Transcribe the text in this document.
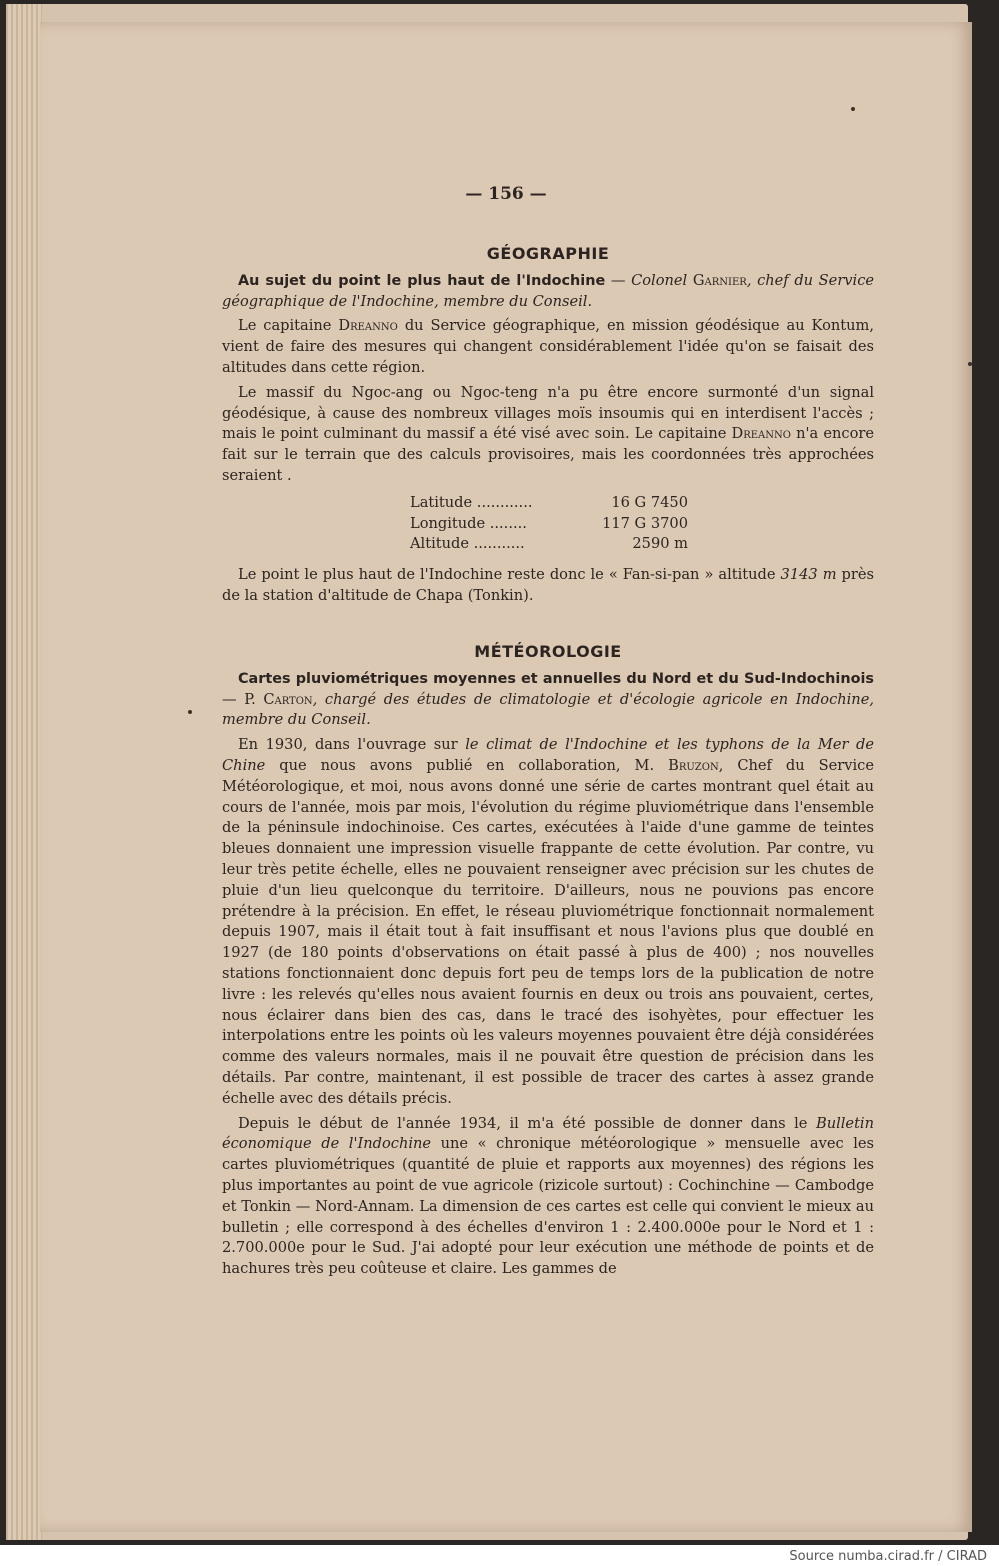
— 156 —
GÉOGRAPHIE

Au sujet du point le plus haut de l'Indochine — Colonel Garnier, chef du Service géographique de l'Indochine, membre du Conseil.

Le capitaine Dreanno du Service géographique, en mission géodésique au Kontum, vient de faire des mesures qui changent considérablement l'idée qu'on se faisait des altitudes dans cette région.

Le massif du Ngoc-ang ou Ngoc-teng n'a pu être encore surmonté d'un signal géodésique, à cause des nombreux villages moïs insoumis qui en interdisent l'accès ; mais le point culminant du massif a été visé avec soin. Le capitaine Dreanno n'a encore fait sur le terrain que des calculs provisoires, mais les coordonnées très approchées seraient .

Latitude ............	16 G 7450
Longitude ........	117 G 3700
Altitude ...........	2590 m

Le point le plus haut de l'Indochine reste donc le « Fan-si-pan » altitude 3143 m près de la station d'altitude de Chapa (Tonkin).

MÉTÉOROLOGIE

Cartes pluviométriques moyennes et annuelles du Nord et du Sud-Indochinois — P. Carton, chargé des études de climatologie et d'écologie agricole en Indochine, membre du Conseil.

En 1930, dans l'ouvrage sur le climat de l'Indochine et les typhons de la Mer de Chine que nous avons publié en collaboration, M. Bruzon, Chef du Service Météorologique, et moi, nous avons donné une série de cartes montrant quel était au cours de l'année, mois par mois, l'évolution du régime pluviométrique dans l'ensemble de la péninsule indochinoise. Ces cartes, exécutées à l'aide d'une gamme de teintes bleues donnaient une impression visuelle frappante de cette évolution. Par contre, vu leur très petite échelle, elles ne pouvaient renseigner avec précision sur les chutes de pluie d'un lieu quelconque du territoire. D'ailleurs, nous ne pouvions pas encore prétendre à la précision. En effet, le réseau pluviométrique fonctionnait normalement depuis 1907, mais il était tout à fait insuffisant et nous l'avions plus que doublé en 1927 (de 180 points d'observations on était passé à plus de 400) ; nos nouvelles stations fonctionnaient donc depuis fort peu de temps lors de la publication de notre livre : les relevés qu'elles nous avaient fournis en deux ou trois ans pouvaient, certes, nous éclairer dans bien des cas, dans le tracé des isohyètes, pour effectuer les interpolations entre les points où les valeurs moyennes pouvaient être déjà considérées comme des valeurs normales, mais il ne pouvait être question de précision dans les détails. Par contre, maintenant, il est possible de tracer des cartes à assez grande échelle avec des détails précis.

Depuis le début de l'année 1934, il m'a été possible de donner dans le Bulletin économique de l'Indochine une « chronique météorologique » mensuelle avec les cartes pluviométriques (quantité de pluie et rapports aux moyennes) des régions les plus importantes au point de vue agricole (rizicole surtout) : Cochinchine — Cambodge et Tonkin — Nord-Annam. La dimension de ces cartes est celle qui convient le mieux au bulletin ; elle correspond à des échelles d'environ 1 : 2.400.000e pour le Nord et 1 : 2.700.000e pour le Sud. J'ai adopté pour leur exécution une méthode de points et de hachures très peu coûteuse et claire. Les gammes de

Source numba.cirad.fr / CIRAD
